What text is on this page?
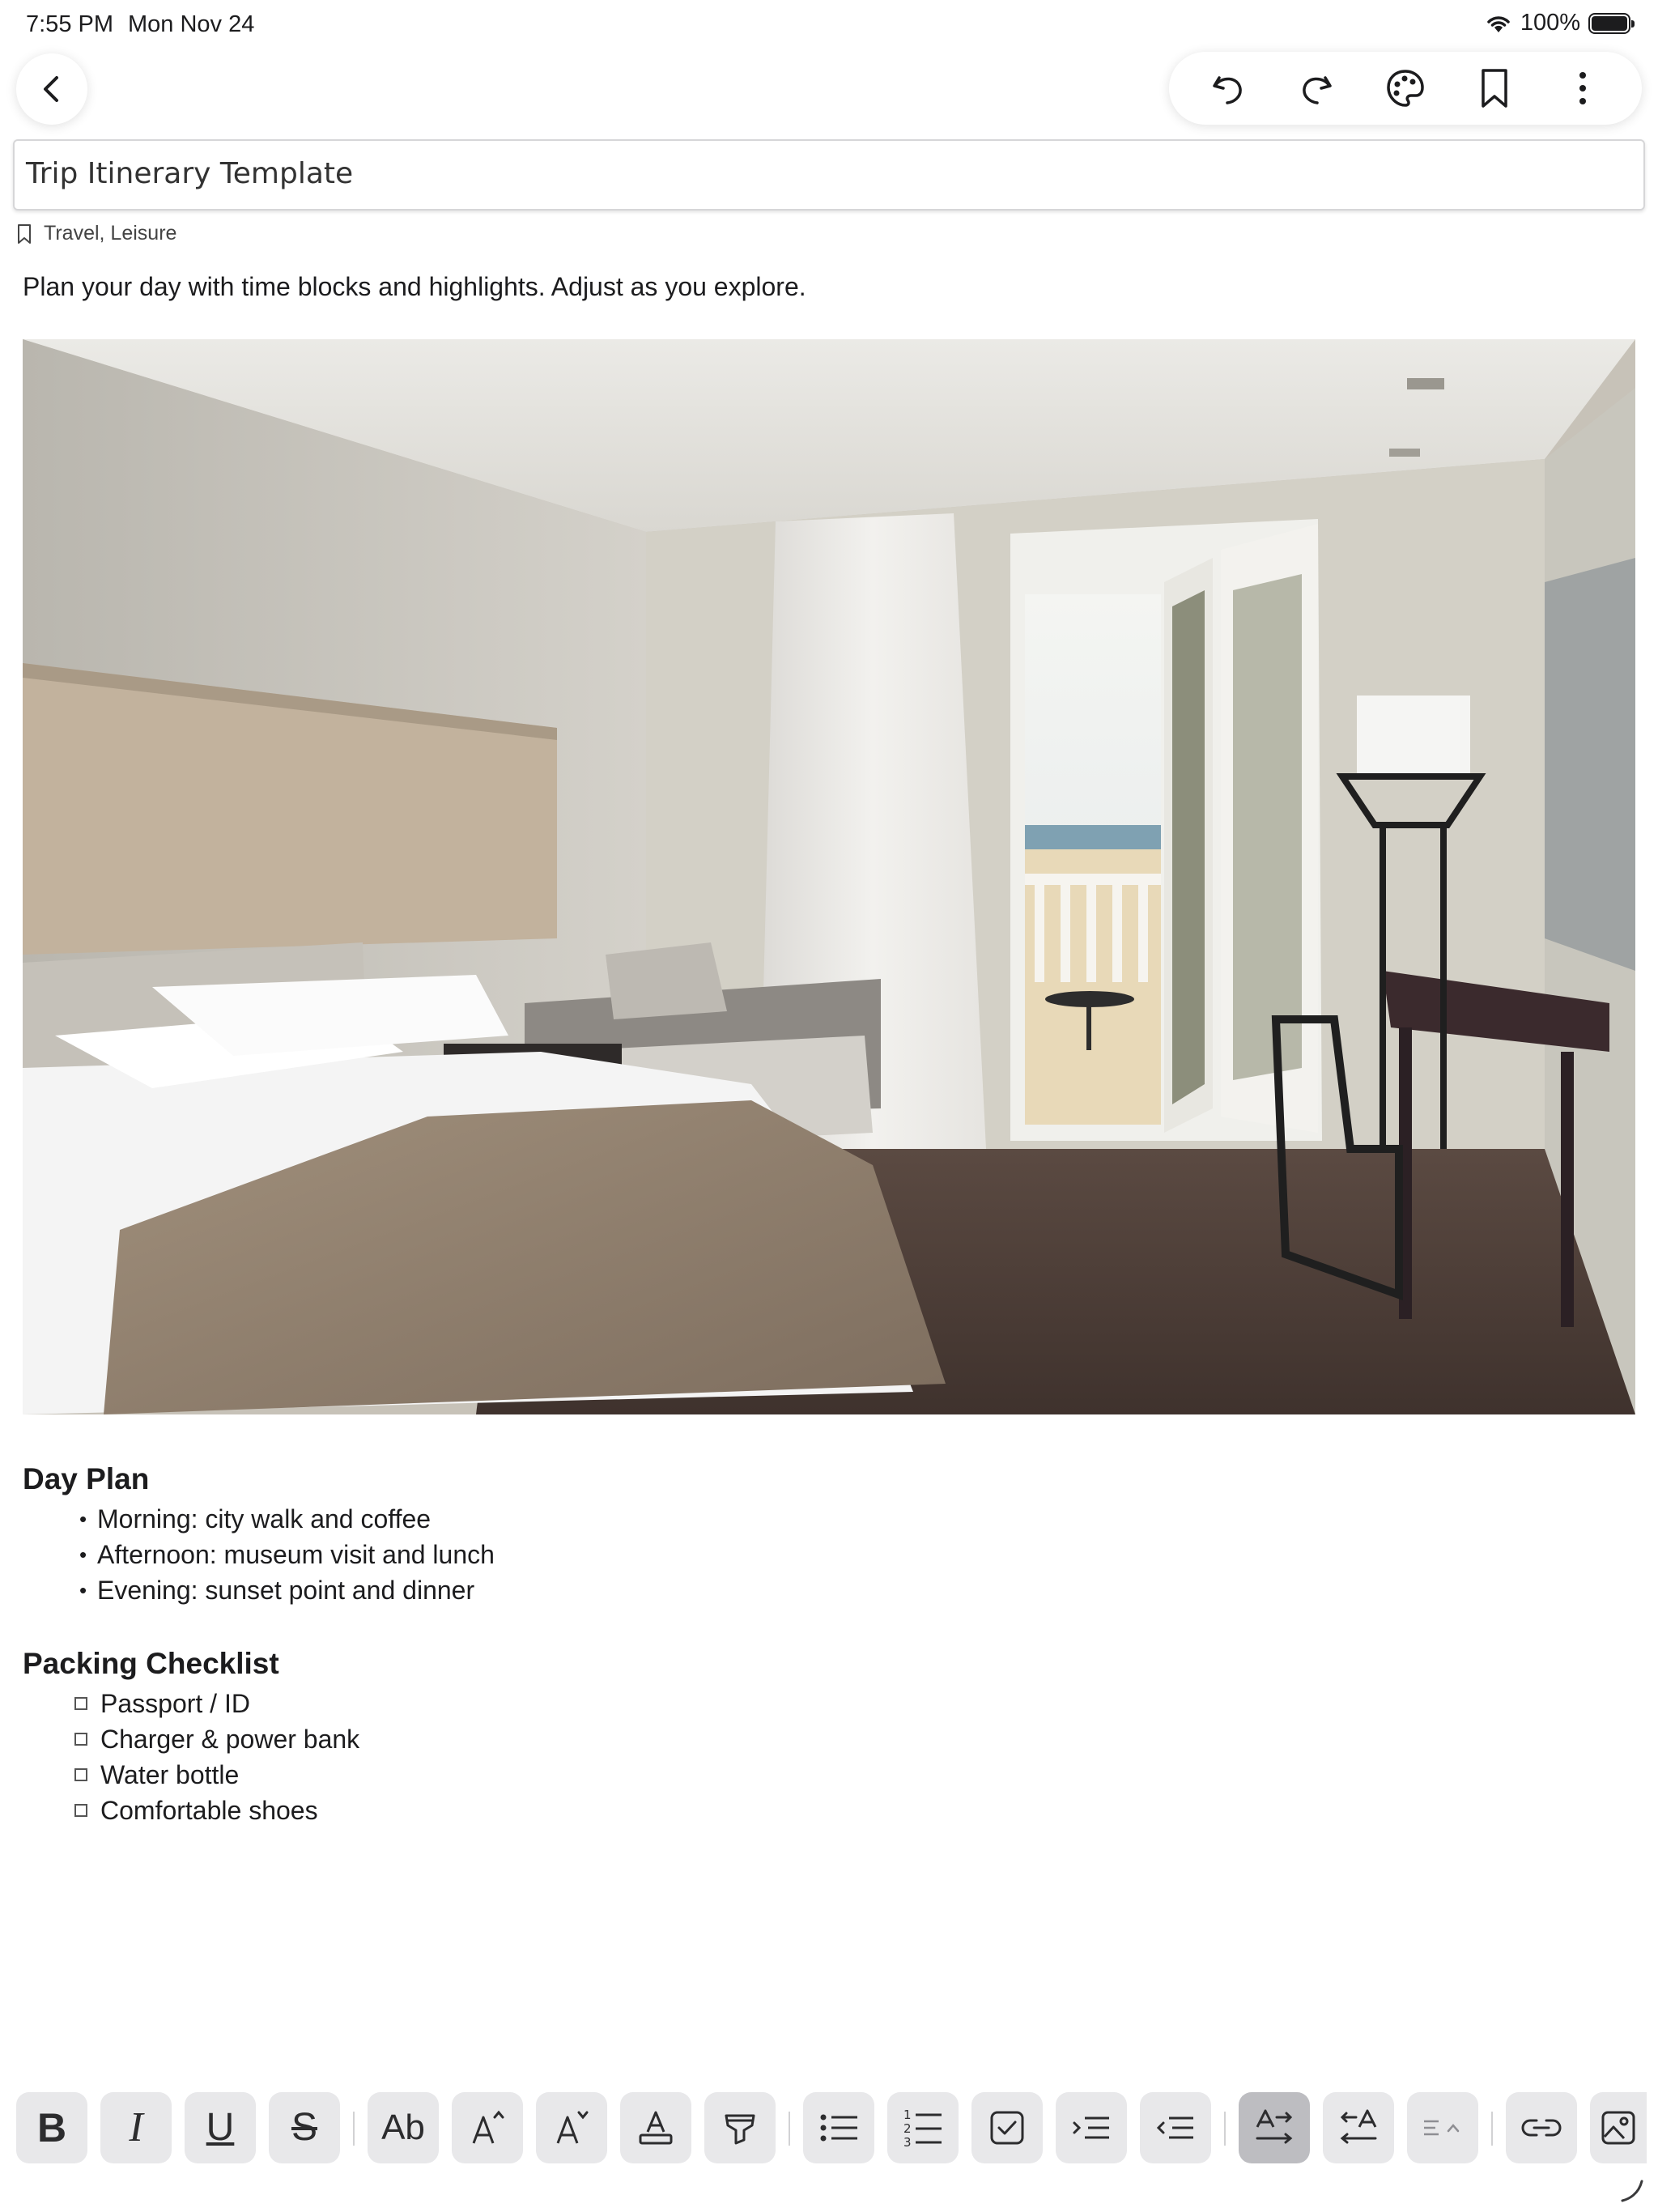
7:55 PM Mon Nov 24	100%
Trip Itinerary Template
Travel, Leisure
Plan your day with time blocks and highlights. Adjust as you explore.
Day Plan
• Morning: city walk and coffee
• Afternoon: museum visit and lunch
• Evening: sunset point and dinner
Packing Checklist
Passport / ID
Charger & power bank
Water bottle
Comfortable shoes
B I U S Ab	1
2
3
